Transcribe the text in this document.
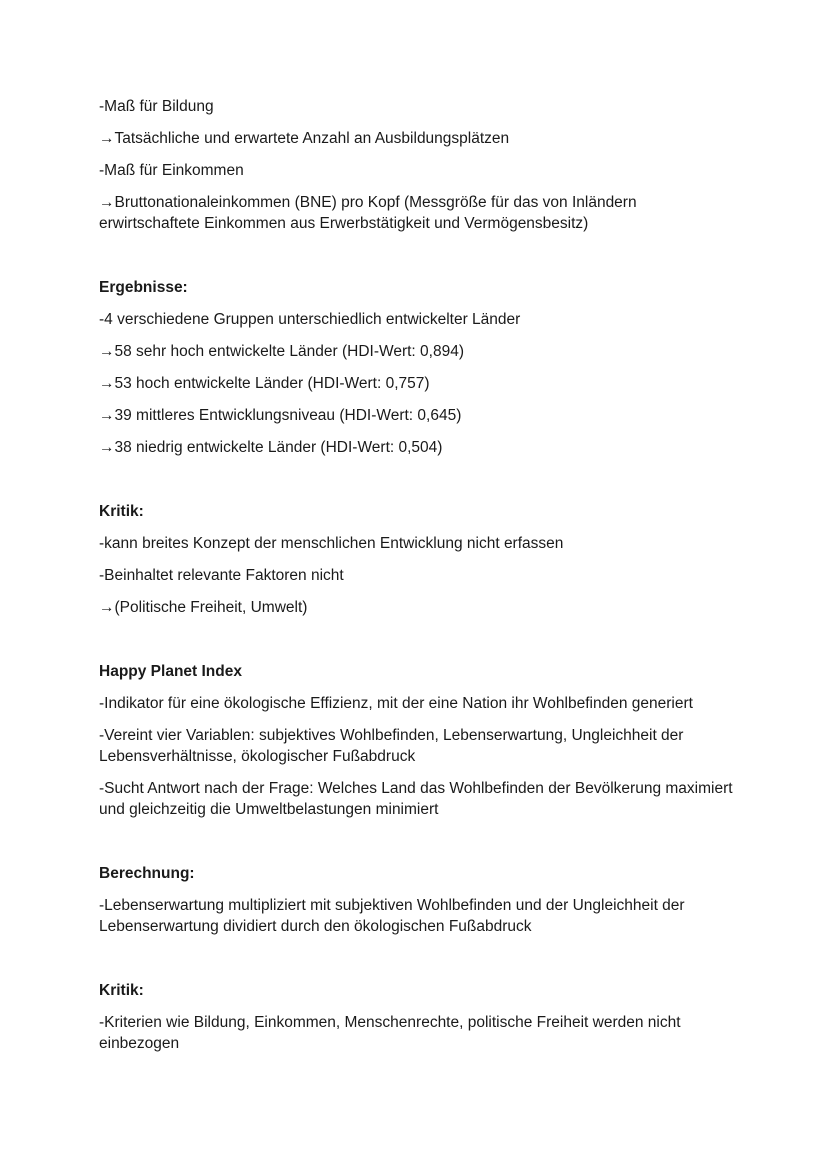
-Maß für Bildung

→Tatsächliche und erwartete Anzahl an Ausbildungsplätzen

-Maß für Einkommen

→Bruttonationaleinkommen (BNE) pro Kopf (Messgröße für das von Inländern erwirtschaftete Einkommen aus Erwerbstätigkeit und Vermögensbesitz)

Ergebnisse:

-4 verschiedene Gruppen unterschiedlich entwickelter Länder

→58 sehr hoch entwickelte Länder (HDI-Wert: 0,894)

→53 hoch entwickelte Länder (HDI-Wert: 0,757)

→39 mittleres Entwicklungsniveau (HDI-Wert: 0,645)

→38 niedrig entwickelte Länder (HDI-Wert: 0,504)

Kritik:

-kann breites Konzept der menschlichen Entwicklung nicht erfassen

-Beinhaltet relevante Faktoren nicht

→(Politische Freiheit, Umwelt)

Happy Planet Index

-Indikator für eine ökologische Effizienz, mit der eine Nation ihr Wohlbefinden generiert

-Vereint vier Variablen: subjektives Wohlbefinden, Lebenserwartung, Ungleichheit der Lebensverhältnisse, ökologischer Fußabdruck

-Sucht Antwort nach der Frage: Welches Land das Wohlbefinden der Bevölkerung maximiert und gleichzeitig die Umweltbelastungen minimiert

Berechnung:

-Lebenserwartung multipliziert mit subjektiven Wohlbefinden und der Ungleichheit der Lebenserwartung dividiert durch den ökologischen Fußabdruck

Kritik:

-Kriterien wie Bildung, Einkommen, Menschenrechte, politische Freiheit werden nicht einbezogen
